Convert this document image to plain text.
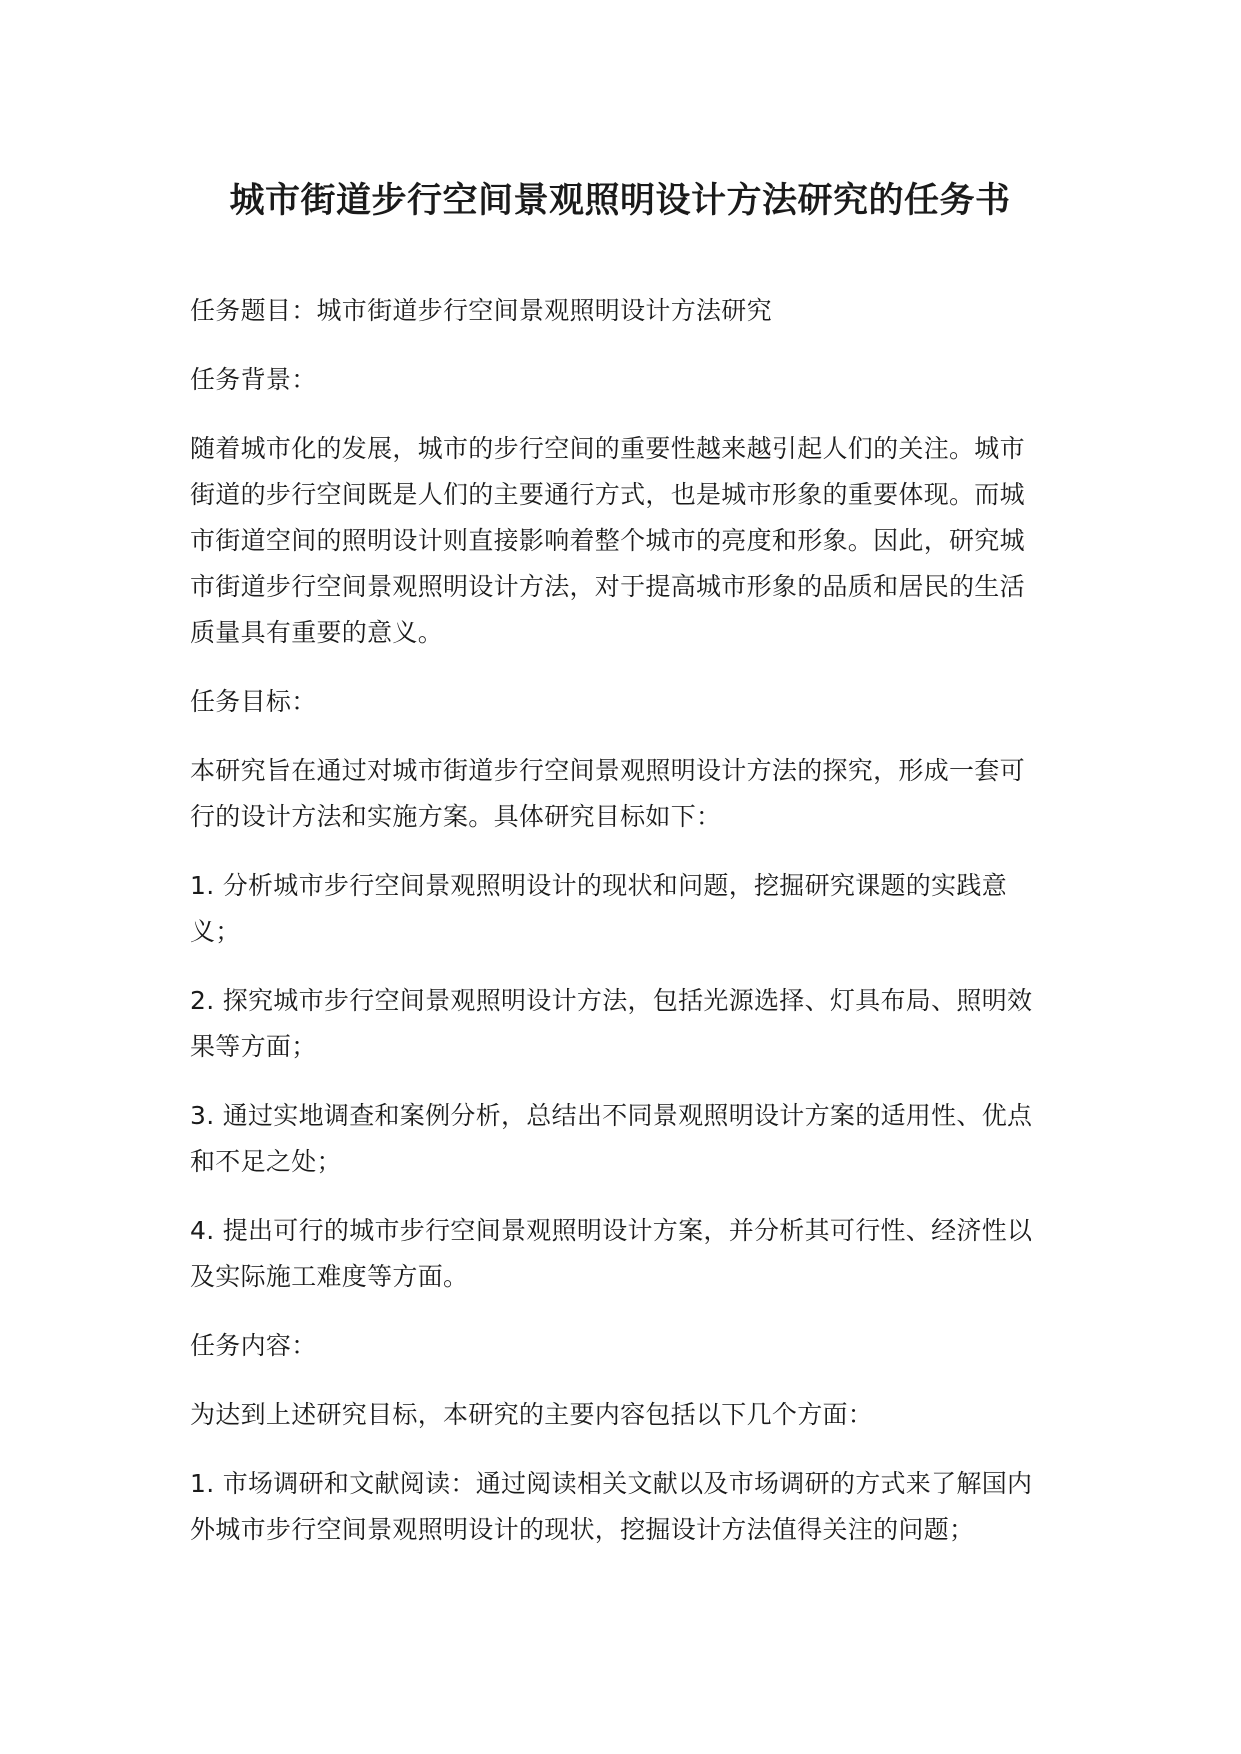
城市街道步行空间景观照明设计方法研究的任务书

任务题目：城市街道步行空间景观照明设计方法研究

任务背景：

随着城市化的发展，城市的步行空间的重要性越来越引起人们的关注。城市街道的步行空间既是人们的主要通行方式，也是城市形象的重要体现。而城市街道空间的照明设计则直接影响着整个城市的亮度和形象。因此，研究城市街道步行空间景观照明设计方法，对于提高城市形象的品质和居民的生活质量具有重要的意义。

任务目标：

本研究旨在通过对城市街道步行空间景观照明设计方法的探究，形成一套可行的设计方法和实施方案。具体研究目标如下：

1. 分析城市步行空间景观照明设计的现状和问题，挖掘研究课题的实践意义；

2. 探究城市步行空间景观照明设计方法，包括光源选择、灯具布局、照明效果等方面；

3. 通过实地调查和案例分析，总结出不同景观照明设计方案的适用性、优点和不足之处；

4. 提出可行的城市步行空间景观照明设计方案，并分析其可行性、经济性以及实际施工难度等方面。

任务内容：

为达到上述研究目标，本研究的主要内容包括以下几个方面：

1. 市场调研和文献阅读：通过阅读相关文献以及市场调研的方式来了解国内外城市步行空间景观照明设计的现状，挖掘设计方法值得关注的问题；
